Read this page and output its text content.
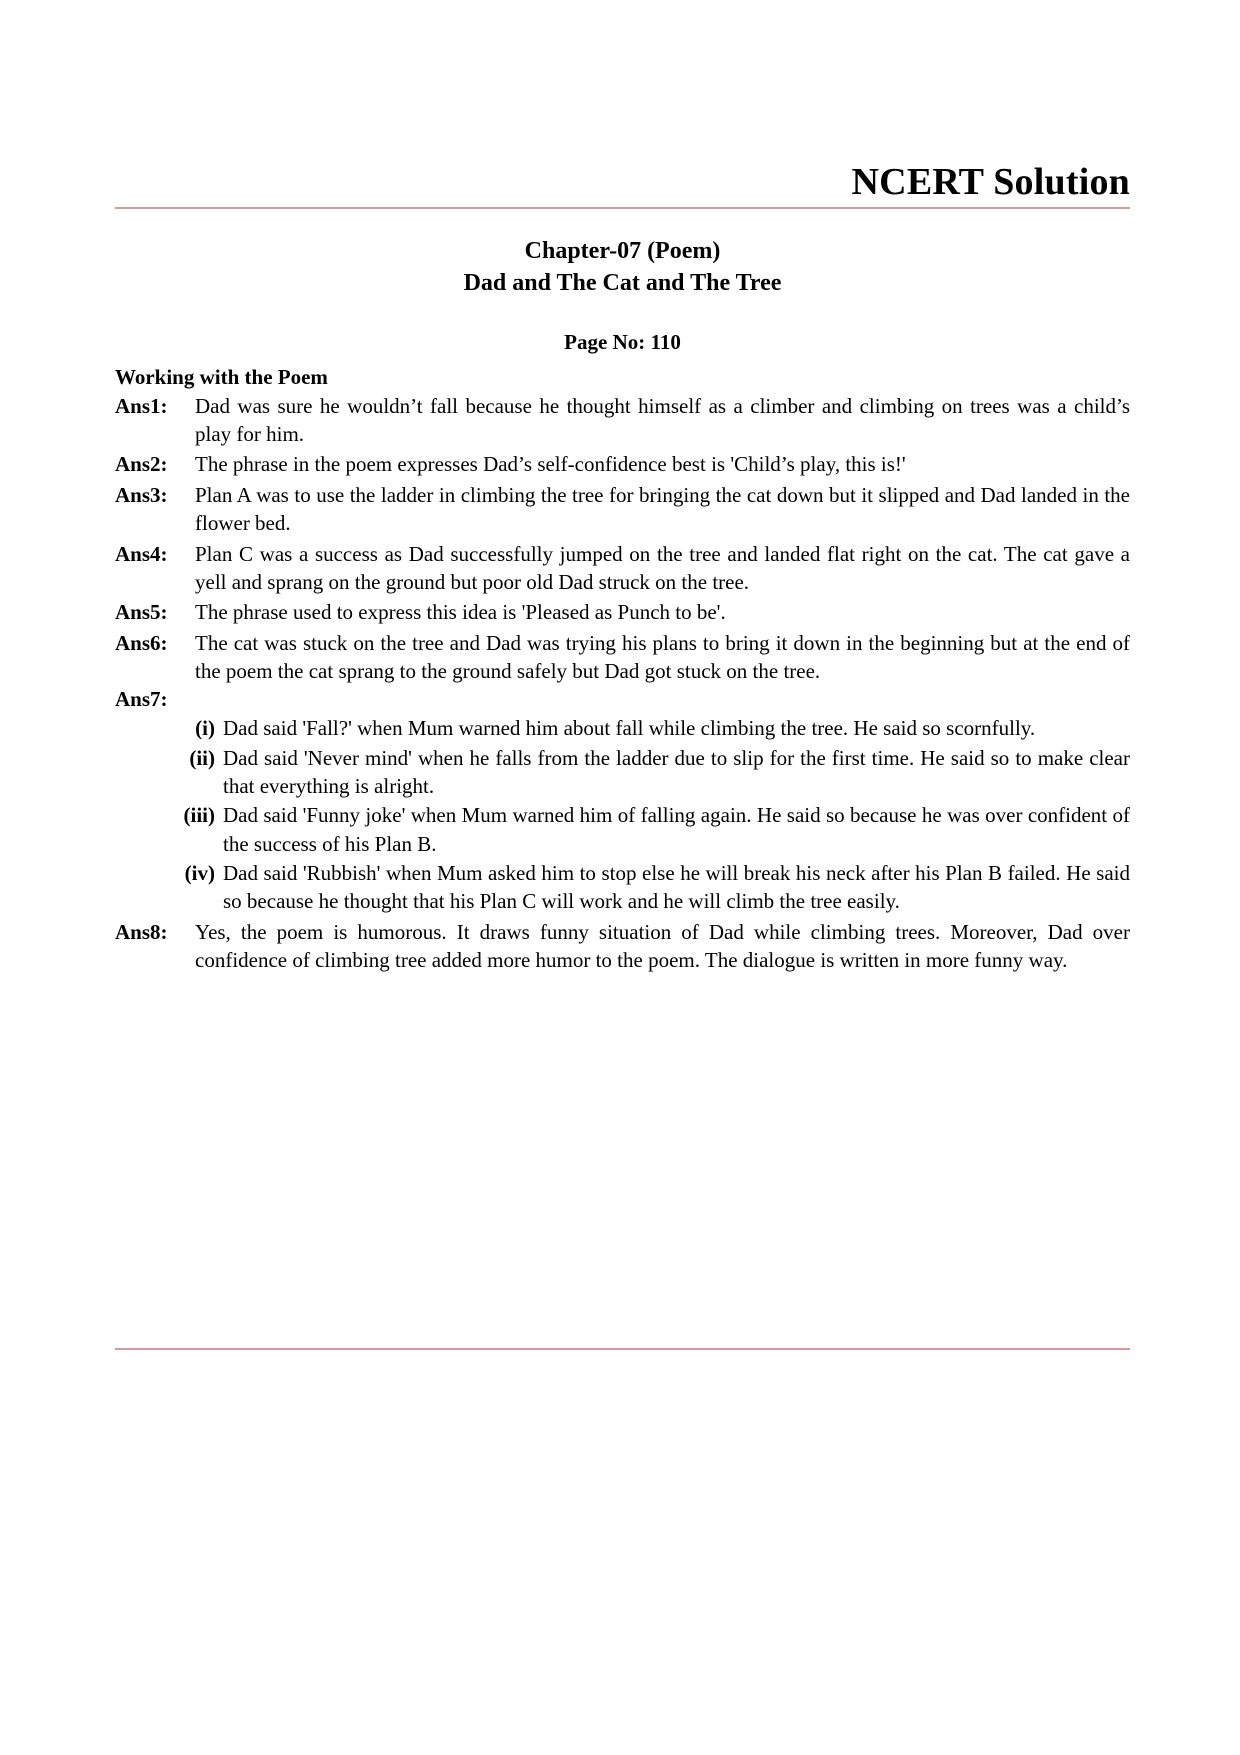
NCERT Solution
Chapter-07 (Poem)
Dad and The Cat and The Tree
Page No: 110
Working with the Poem
Ans1:	Dad was sure he wouldn’t fall because he thought himself as a climber and climbing on trees was a child’s play for him.
Ans2:	The phrase in the poem expresses Dad’s self-confidence best is 'Child’s play, this is!'
Ans3:	Plan A was to use the ladder in climbing the tree for bringing the cat down but it slipped and Dad landed in the flower bed.
Ans4:	Plan C was a success as Dad successfully jumped on the tree and landed flat right on the cat. The cat gave a yell and sprang on the ground but poor old Dad struck on the tree.
Ans5:	The phrase used to express this idea is 'Pleased as Punch to be'.
Ans6:	The cat was stuck on the tree and Dad was trying his plans to bring it down in the beginning but at the end of the poem the cat sprang to the ground safely but Dad got stuck on the tree.
Ans7:
(i) Dad said 'Fall?' when Mum warned him about fall while climbing the tree. He said so scornfully.
(ii) Dad said 'Never mind' when he falls from the ladder due to slip for the first time. He said so to make clear that everything is alright.
(iii) Dad said 'Funny joke' when Mum warned him of falling again. He said so because he was over confident of the success of his Plan B.
(iv) Dad said 'Rubbish' when Mum asked him to stop else he will break his neck after his Plan B failed. He said so because he thought that his Plan C will work and he will climb the tree easily.
Ans8:	Yes, the poem is humorous. It draws funny situation of Dad while climbing trees. Moreover, Dad over confidence of climbing tree added more humor to the poem. The dialogue is written in more funny way.
